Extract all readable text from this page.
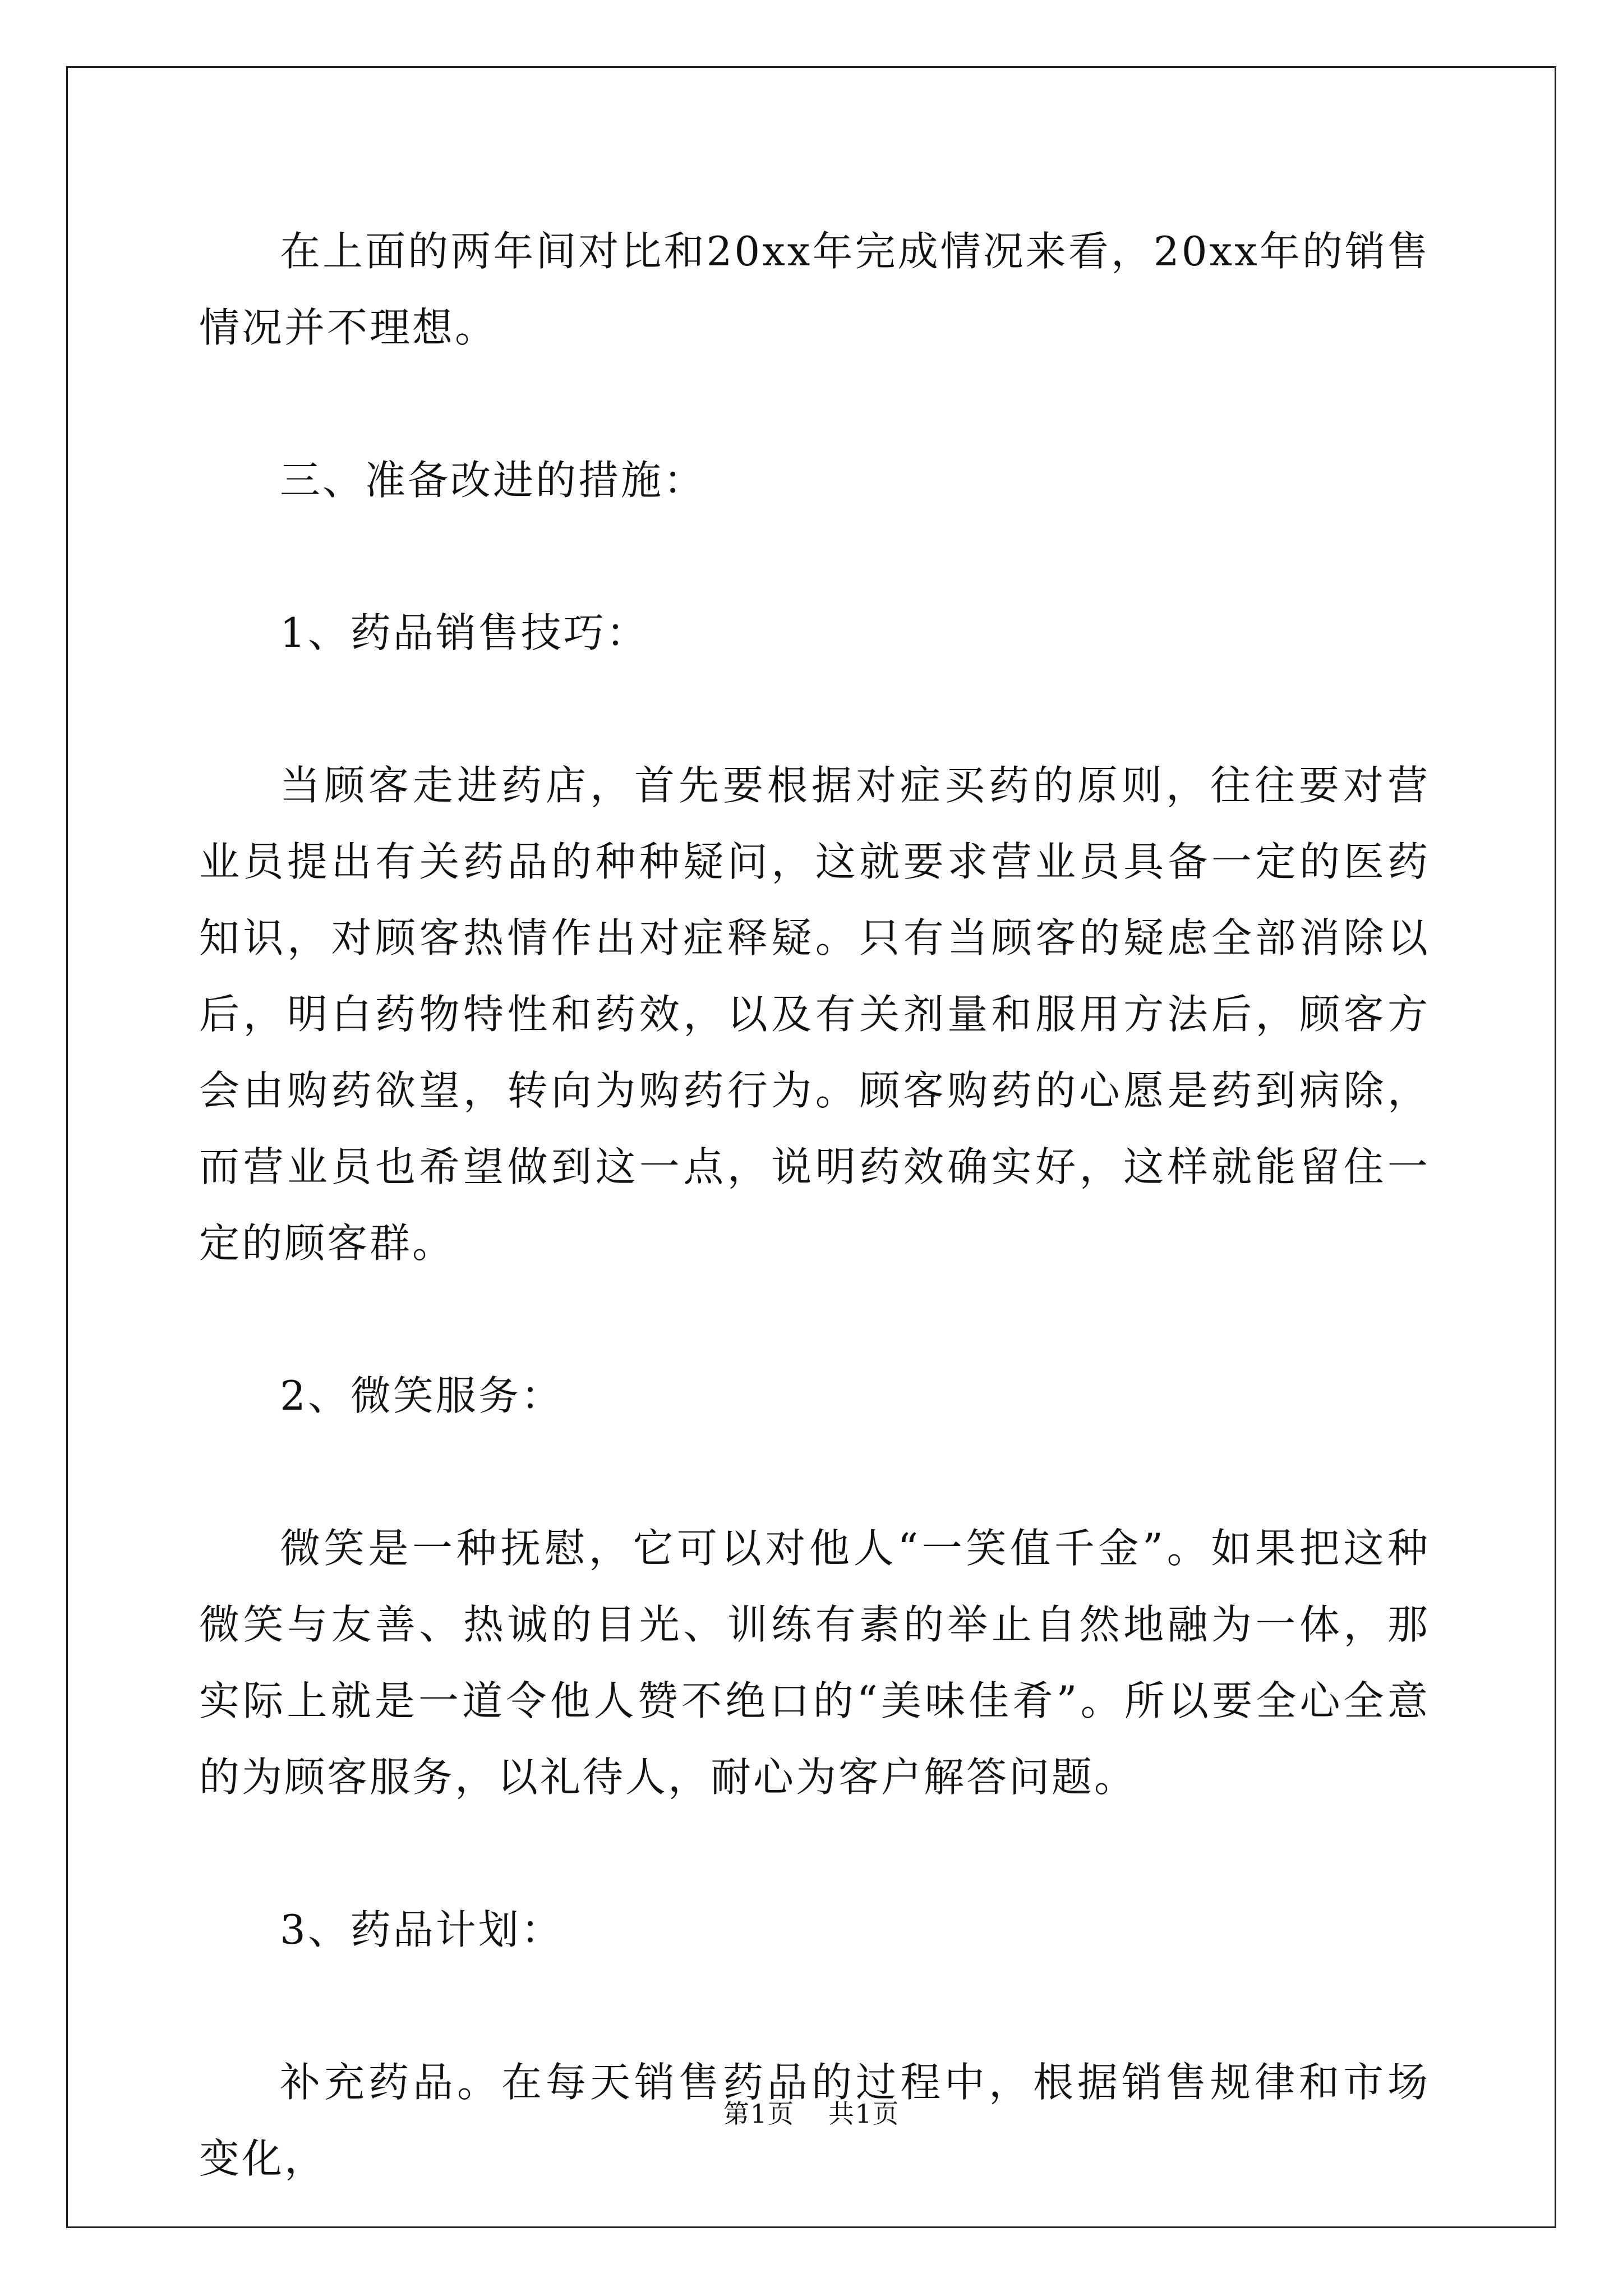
在上面的两年间对比和20xx年完成情况来看，20xx年的销售情况并不理想。

三、准备改进的措施：

1、药品销售技巧：

当顾客走进药店，首先要根据对症买药的原则，往往要对营业员提出有关药品的种种疑问，这就要求营业员具备一定的医药知识，对顾客热情作出对症释疑。只有当顾客的疑虑全部消除以后，明白药物特性和药效，以及有关剂量和服用方法后，顾客方会由购药欲望，转向为购药行为。顾客购药的心愿是药到病除，而营业员也希望做到这一点，说明药效确实好，这样就能留住一定的顾客群。

2、微笑服务：

微笑是一种抚慰，它可以对他人“一笑值千金”。如果把这种微笑与友善、热诚的目光、训练有素的举止自然地融为一体，那实际上就是一道令他人赞不绝口的“美味佳肴”。所以要全心全意的为顾客服务，以礼待人，耐心为客户解答问题。

3、药品计划：

补充药品。在每天销售药品的过程中，根据销售规律和市场变化，

第1页 共1页
